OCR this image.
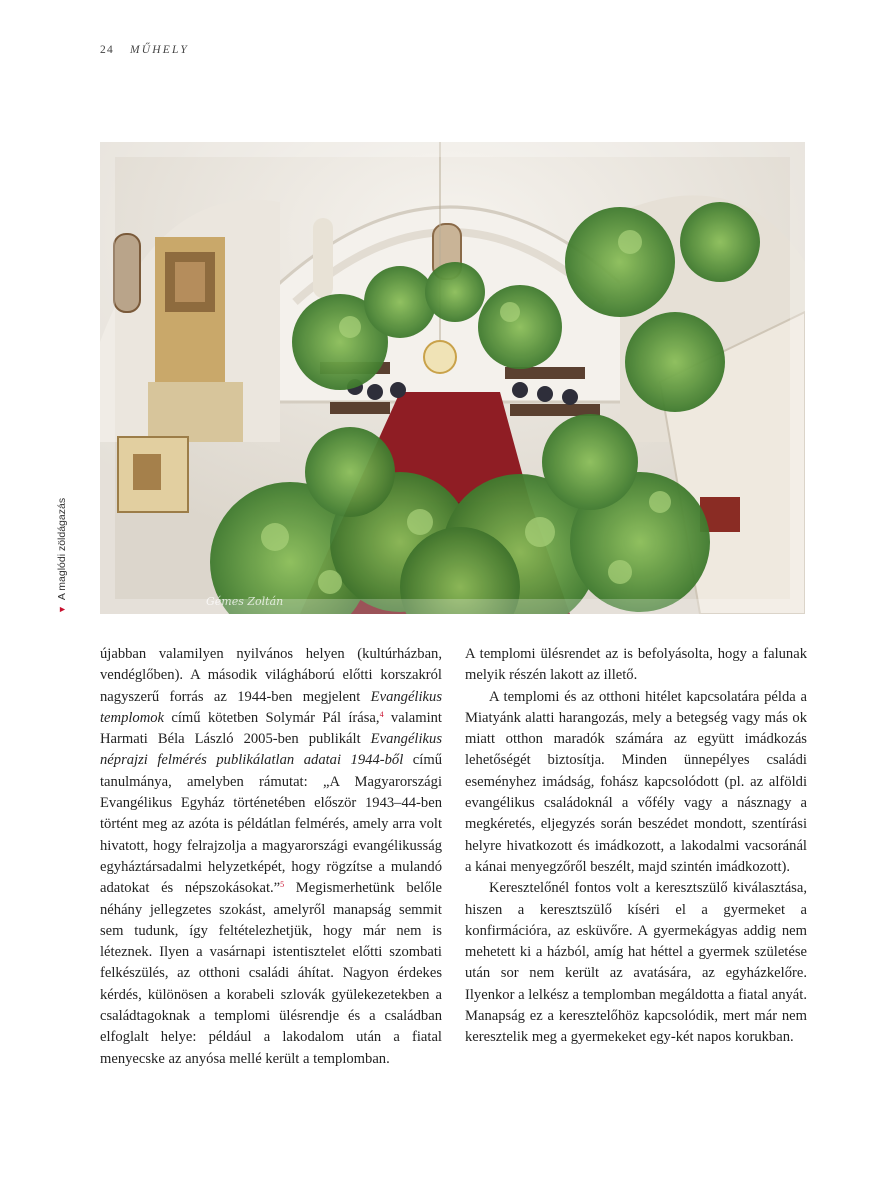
24 MŰHELY
Gémes Zoltán
▼A maglódi zöldágazás

újabban valamilyen nyilvános helyen (kultúrházban, vendéglőben). A második világháború előtti korszakról nagyszerű forrás az 1944-ben megjelent Evangélikus templomok című kötetben Solymár Pál írása,$^4$ valamint Harmati Béla László 2005-ben publikált Evangélikus néprajzi felmérés publikálatlan adatai 1944-ből című tanulmánya, amelyben rámutat: „A Magyarországi Evangélikus Egyház történetében először 1943–44-ben történt meg az azóta is példátlan felmérés, amely arra volt hivatott, hogy felrajzolja a magyarországi evangélikusság egyháztársadalmi helyzetképét, hogy rögzítse a mulandó adatokat és népszokásokat.”$^5$ Megismerhetünk belőle néhány jellegzetes szokást, amelyről manapság semmit sem tudunk, így feltételezhetjük, hogy már nem is léteznek. Ilyen a vasárnapi istentisztelet előtti szombati felkészülés, az otthoni családi áhítat. Nagyon érdekes kérdés, különösen a korabeli szlovák gyülekezetekben a családtagoknak a templomi ülésrendje és a családban elfoglalt helye: például a lakodalom után a fiatal menyecske az anyósa mellé került a templomban.

A templomi ülésrendet az is befolyásolta, hogy a falunak melyik részén lakott az illető.

A templomi és az otthoni hitélet kapcsolatára példa a Miatyánk alatti harangozás, mely a betegség vagy más ok miatt otthon maradók számára az együtt imádkozás lehetőségét biztosítja. Minden ünnepélyes családi eseményhez imádság, fohász kapcsolódott (pl. az alföldi evangélikus családoknál a vőfély vagy a násznagy a megkéretés, eljegyzés során beszédet mondott, szentírási helyre hivatkozott és imádkozott, a lakodalmi vacsoránál a kánai menyegzőről beszélt, majd szintén imádkozott).

Keresztelőnél fontos volt a keresztszülő kiválasztása, hiszen a keresztszülő kíséri el a gyermeket a konfirmációra, az esküvőre. A gyermekágyas addig nem mehetett ki a házból, amíg hat héttel a gyermek születése után sor nem került az avatására, az egyházkelőre. Ilyenkor a lelkész a templomban megáldotta a fiatal anyát. Manapság ez a keresztelőhöz kapcsolódik, mert már nem keresztelik meg a gyermekeket egy-két napos korukban.
